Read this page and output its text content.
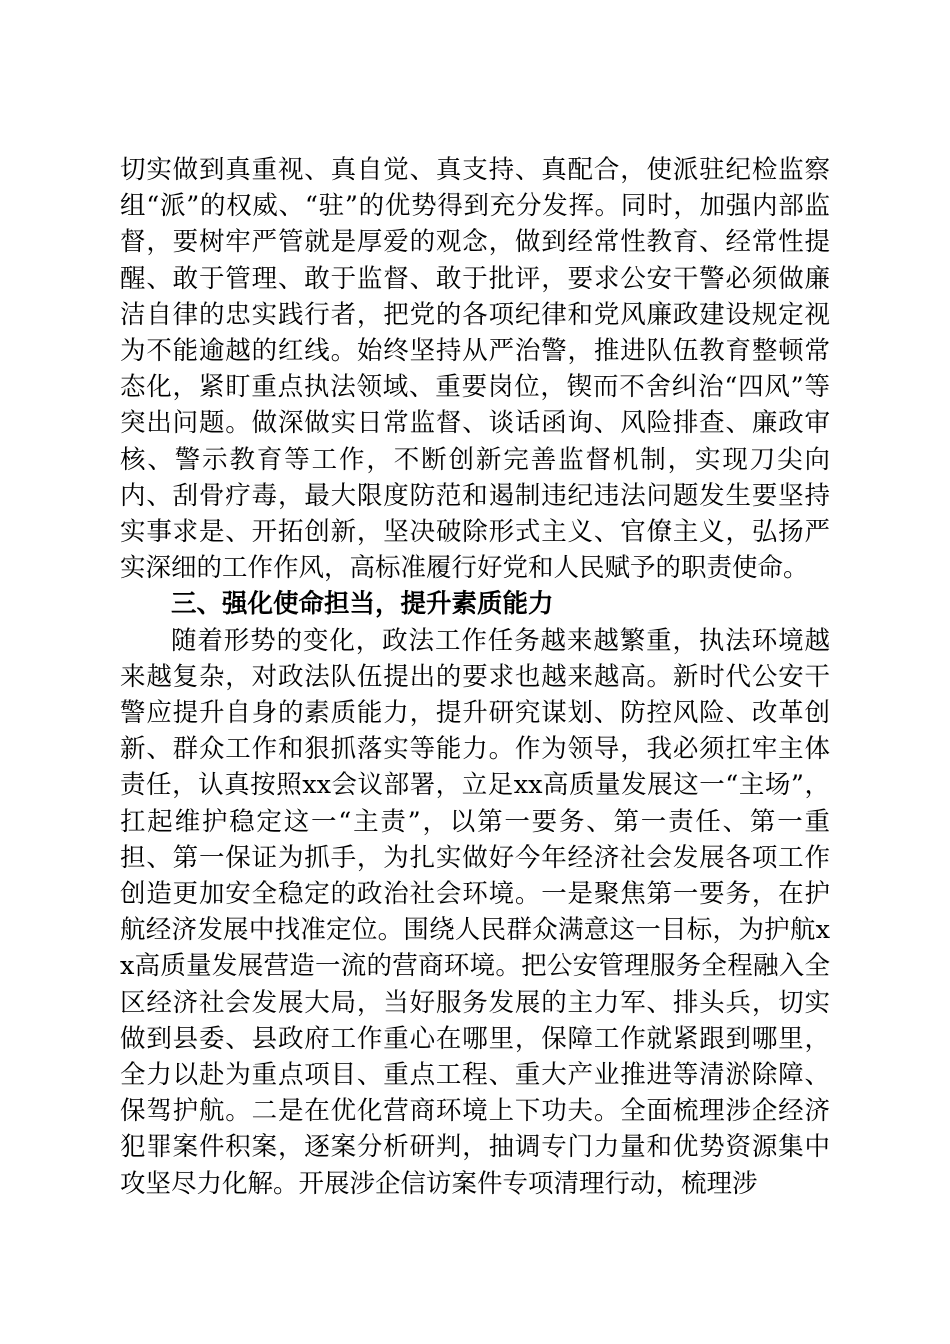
切实做到真重视、真自觉、真支持、真配合，使派驻纪检监察组“派”的权威、“驻”的优势得到充分发挥。同时，加强内部监督，要树牢严管就是厚爱的观念，做到经常性教育、经常性提醒、敢于管理、敢于监督、敢于批评，要求公安干警必须做廉洁自律的忠实践行者，把党的各项纪律和党风廉政建设规定视为不能逾越的红线。始终坚持从严治警，推进队伍教育整顿常态化，紧盯重点执法领域、重要岗位，锲而不舍纠治“四风”等突出问题。做深做实日常监督、谈话函询、风险排查、廉政审核、警示教育等工作，不断创新完善监督机制，实现刀尖向内、刮骨疗毒，最大限度防范和遏制违纪违法问题发生要坚持实事求是、开拓创新，坚决破除形式主义、官僚主义，弘扬严实深细的工作作风，高标准履行好党和人民赋予的职责使命。

三、强化使命担当，提升素质能力

随着形势的变化，政法工作任务越来越繁重，执法环境越来越复杂，对政法队伍提出的要求也越来越高。新时代公安干警应提升自身的素质能力，提升研究谋划、防控风险、改革创新、群众工作和狠抓落实等能力。作为领导，我必须扛牢主体责任，认真按照xx会议部署，立足xx高质量发展这一“主场”，扛起维护稳定这一“主责”，以第一要务、第一责任、第一重担、第一保证为抓手，为扎实做好今年经济社会发展各项工作创造更加安全稳定的政治社会环境。一是聚焦第一要务，在护航经济发展中找准定位。围绕人民群众满意这一目标，为护航xx高质量发展营造一流的营商环境。把公安管理服务全程融入全区经济社会发展大局，当好服务发展的主力军、排头兵，切实做到县委、县政府工作重心在哪里，保障工作就紧跟到哪里，全力以赴为重点项目、重点工程、重大产业推进等清淤除障、保驾护航。二是在优化营商环境上下功夫。全面梳理涉企经济犯罪案件积案，逐案分析研判，抽调专门力量和优势资源集中攻坚尽力化解。开展涉企信访案件专项清理行动，梳理涉
